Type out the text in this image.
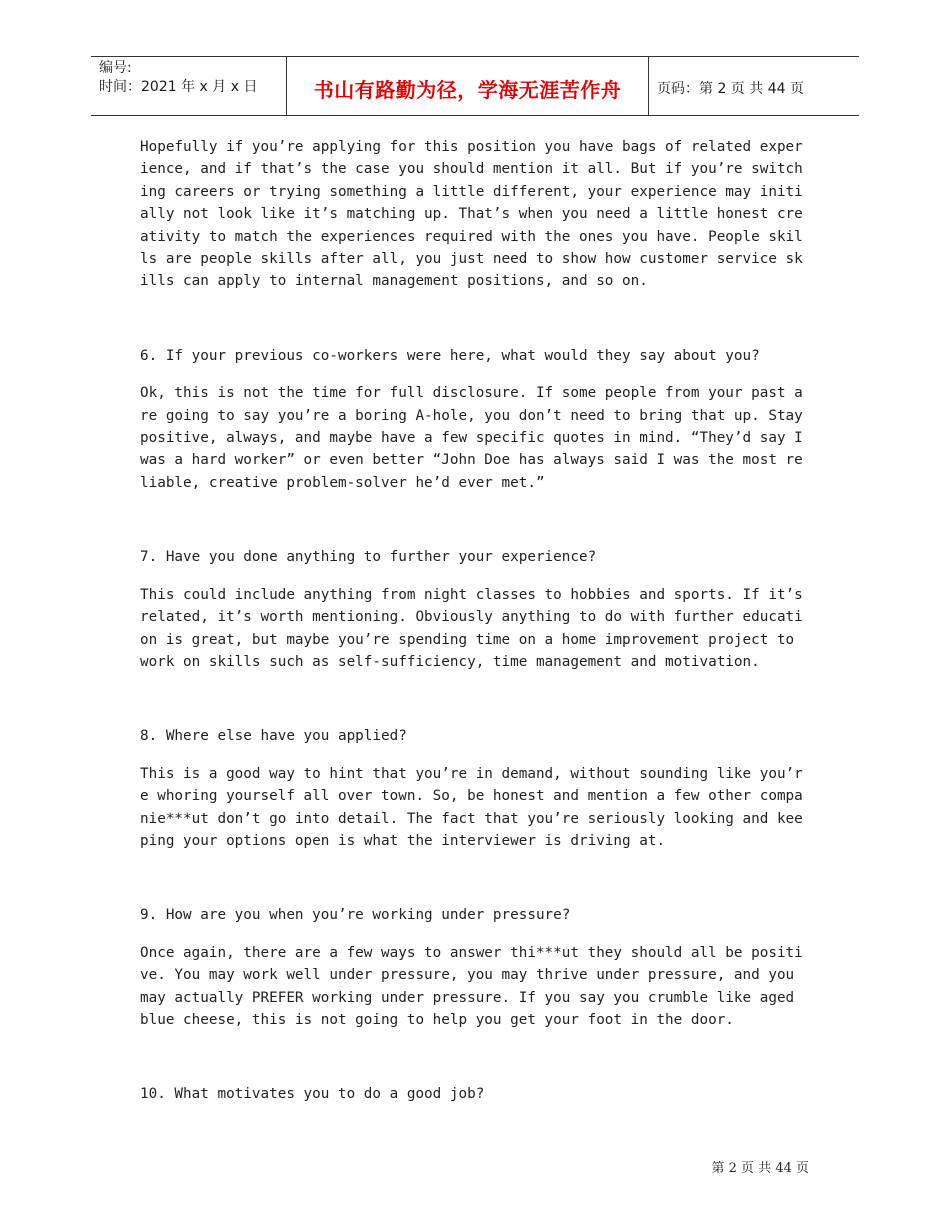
编号:
时间：2021 年 x 月 x 日	书山有路勤为径，学海无涯苦作舟	页码：第 2 页 共 44 页

Hopefully if you’re applying for this position you have bags of related experience, and if that’s the case you should mention it all. But if you’re switching careers or trying something a little different, your experience may initially not look like it’s matching up. That’s when you need a little honest creativity to match the experiences required with the ones you have. People skills are people skills after all, you just need to show how customer service skills can apply to internal management positions, and so on.

6. If your previous co-workers were here, what would they say about you?

Ok, this is not the time for full disclosure. If some people from your past are going to say you’re a boring A-hole, you don’t need to bring that up. Stay positive, always, and maybe have a few specific quotes in mind. “They’d say I was a hard worker” or even better “John Doe has always said I was the most reliable, creative problem-solver he’d ever met.”

7. Have you done anything to further your experience?

This could include anything from night classes to hobbies and sports. If it’s related, it’s worth mentioning. Obviously anything to do with further education is great, but maybe you’re spending time on a home improvement project to work on skills such as self-sufficiency, time management and motivation.

8. Where else have you applied?

This is a good way to hint that you’re in demand, without sounding like you’re whoring yourself all over town. So, be honest and mention a few other companie***ut don’t go into detail. The fact that you’re seriously looking and keeping your options open is what the interviewer is driving at.

9. How are you when you’re working under pressure?

Once again, there are a few ways to answer thi***ut they should all be positive. You may work well under pressure, you may thrive under pressure, and you may actually PREFER working under pressure. If you say you crumble like aged blue cheese, this is not going to help you get your foot in the door.

10. What motivates you to do a good job?

第 2 页 共 44 页
